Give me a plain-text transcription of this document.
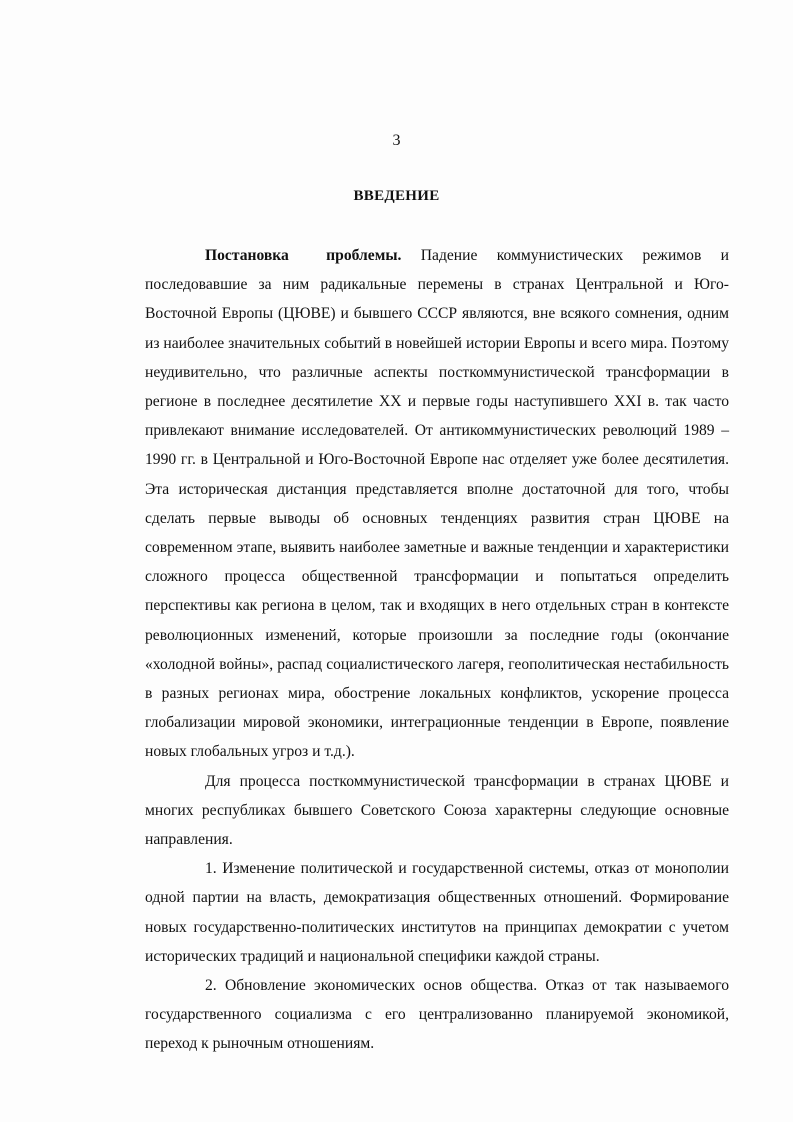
3
ВВЕДЕНИЕ

Постановка проблемы. Падение коммунистических режимов и последовавшие за ним радикальные перемены в странах Центральной и Юго-Восточной Европы (ЦЮВЕ) и бывшего СССР являются, вне всякого сомнения, одним из наиболее значительных событий в новейшей истории Европы и всего мира. Поэтому неудивительно, что различные аспекты посткоммунистической трансформации в регионе в последнее десятилетие XX и первые годы наступившего XXI в. так часто привлекают внимание исследователей. От антикоммунистических революций 1989 – 1990 гг. в Центральной и Юго-Восточной Европе нас отделяет уже более десятилетия. Эта историческая дистанция представляется вполне достаточной для того, чтобы сделать первые выводы об основных тенденциях развития стран ЦЮВЕ на современном этапе, выявить наиболее заметные и важные тенденции и характеристики сложного процесса общественной трансформации и попытаться определить перспективы как региона в целом, так и входящих в него отдельных стран в контексте революционных изменений, которые произошли за последние годы (окончание «холодной войны», распад социалистического лагеря, геополитическая нестабильность в разных регионах мира, обострение локальных конфликтов, ускорение процесса глобализации мировой экономики, интеграционные тенденции в Европе, появление новых глобальных угроз и т.д.).

Для процесса посткоммунистической трансформации в странах ЦЮВЕ и многих республиках бывшего Советского Союза характерны следующие основные направления.

1. Изменение политической и государственной системы, отказ от монополии одной партии на власть, демократизация общественных отношений. Формирование новых государственно-политических институтов на принципах демократии с учетом исторических традиций и национальной специфики каждой страны.

2. Обновление экономических основ общества. Отказ от так называемого государственного социализма с его централизованно планируемой экономикой, переход к рыночным отношениям.
